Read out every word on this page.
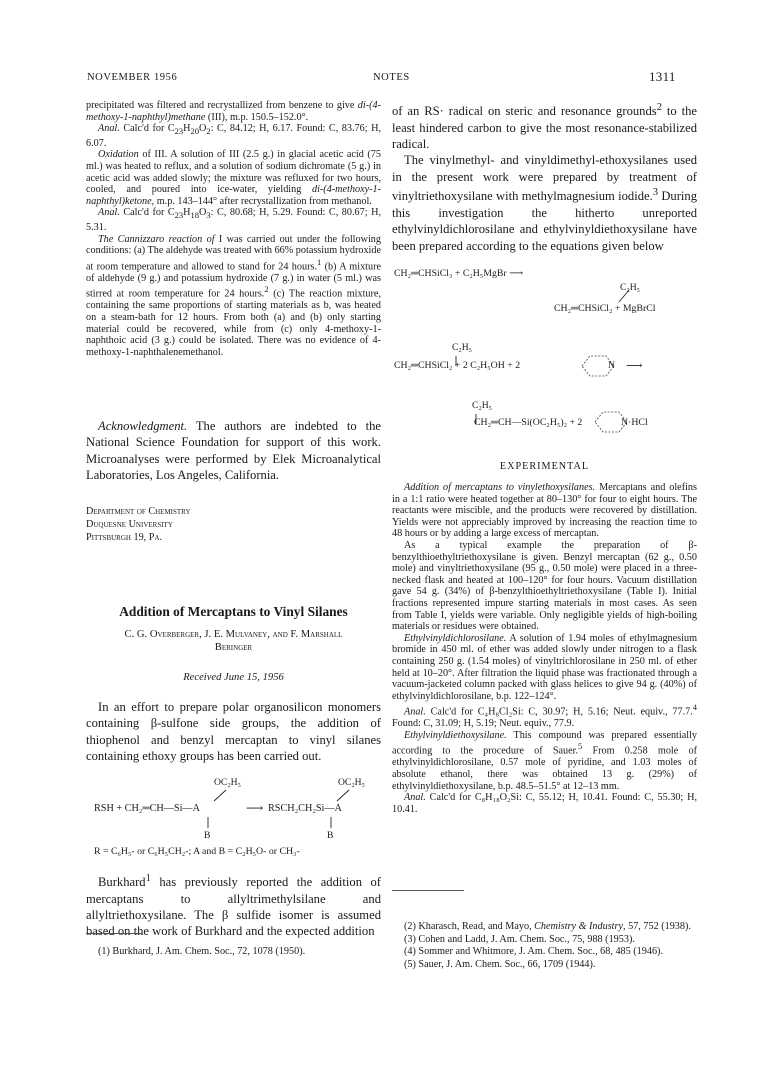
NOVEMBER 1956	NOTES	1311

precipitated was filtered and recrystallized from benzene to give di-(4-methoxy-1-naphthyl)methane (III), m.p. 150.5–152.0°.

Anal. Calc'd for $C_{23}H_{20}O_2$: C, 84.12; H, 6.17. Found: C, 83.76; H, 6.07.

Oxidation of III. A solution of III (2.5 g.) in glacial acetic acid (75 ml.) was heated to reflux, and a solution of sodium dichromate (5 g.) in acetic acid was added slowly; the mixture was refluxed for two hours, cooled, and poured into ice-water, yielding di-(4-methoxy-1-naphthyl)ketone, m.p. 143–144° after recrystallization from methanol.

Anal. Calc'd for $C_{23}H_{18}O_3$: C, 80.68; H, 5.29. Found: C, 80.67; H, 5.31.

The Cannizzaro reaction of I was carried out under the following conditions: (a) The aldehyde was treated with 66% potassium hydroxide at room temperature and allowed to stand for 24 hours.$^1$ (b) A mixture of aldehyde (9 g.) and potassium hydroxide (7 g.) in water (5 ml.) was stirred at room temperature for 24 hours.$^2$ (c) The reaction mixture, containing the same proportions of starting materials as b, was heated on a steam-bath for 12 hours. From both (a) and (b) only starting material could be recovered, while from (c) only 4-methoxy-1-naphthoic acid (3 g.) could be isolated. There was no evidence of 4-methoxy-1-naphthalenemethanol.

Acknowledgment. The authors are indebted to the National Science Foundation for support of this work. Microanalyses were performed by Elek Microanalytical Laboratories, Los Angeles, California.

Department of Chemistry
Duquesne University
Pittsburgh 19, Pa.
Addition of Mercaptans to Vinyl Silanes
C. G. Overberger, J. E. Mulvaney, and F. Marshall
Beringer
Received June 15, 1956

In an effort to prepare polar organosilicon monomers containing β-sulfone side groups, the addition of thiophenol and benzyl mercaptan to vinyl silanes containing ethoxy groups has been carried out.

OC₂H₅	OC₂H₅
RSH + CH₂═CH—Si—A	⟶ RSCH₂CH₂Si—A
B	B
R = C₆H₅- or C₆H₅CH₂-; A and B = C₂H₅O- or CH₃-

Burkhard$^1$ has previously reported the addition of mercaptans to allyltrimethylsilane and allyltriethoxysilane. The β sulfide isomer is assumed based on the work of Burkhard and the expected addition

(1) Burkhard, J. Am. Chem. Soc., 72, 1078 (1950).

of an RS· radical on steric and resonance grounds$^2$ to the least hindered carbon to give the most resonance-stabilized radical.

The vinylmethyl- and vinyldimethyl-ethoxysilanes used in the present work were prepared by treatment of vinyltriethoxysilane with methylmagnesium iodide.$^3$ During this investigation the hitherto unreported ethylvinyldichlorosilane and ethylvinyldiethoxysilane have been prepared according to the equations given below

CH₂═CHSiCl₃ + C₂H₅MgBr ⟶
C₂H₅
CH₂═CHSiCl₂ + MgBrCl
C₂H₅
CH₂═CHSiCl₂ + 2 C₂H₅OH + 2	N ⟶
C₂H₅
CH₂═CH—Si(OC₂H₅)₂ + 2	N·HCl
EXPERIMENTAL

Addition of mercaptans to vinylethoxysilanes. Mercaptans and olefins in a 1:1 ratio were heated together at 80–130° for four to eight hours. The reactants were miscible, and the products were recovered by distillation. Yields were not appreciably improved by increasing the reaction time to 48 hours or by adding a large excess of mercaptan.

As a typical example the preparation of β-benzylthioethyltriethoxysilane is given. Benzyl mercaptan (62 g., 0.50 mole) and vinyltriethoxysilane (95 g., 0.50 mole) were placed in a three-necked flask and heated at 100–120° for four hours. Vacuum distillation gave 54 g. (34%) of β-benzylthioethyltriethoxysilane (Table I). Initial fractions represented impure starting materials in most cases. As seen from Table I, yields were variable. Only negligible yields of high-boiling materials or residues were obtained.

Ethylvinyldichlorosilane. A solution of 1.94 moles of ethylmagnesium bromide in 450 ml. of ether was added slowly under nitrogen to a flask containing 250 g. (1.54 moles) of vinyltrichlorosilane in 250 ml. of ether held at 10–20°. After filtration the liquid phase was fractionated through a vacuum-jacketed column packed with glass helices to give 94 g. (40%) of ethylvinyldichlorosilane, b.p. 122–124°.

Anal. Calc'd for C₄H₈Cl₂Si: C, 30.97; H, 5.16; Neut. equiv., 77.7.$^4$ Found: C, 31.09; H, 5.19; Neut. equiv., 77.9.

Ethylvinyldiethoxysilane. This compound was prepared essentially according to the procedure of Sauer.$^5$ From 0.258 mole of ethylvinyldichlorosilane, 0.57 mole of pyridine, and 1.03 moles of absolute ethanol, there was obtained 13 g. (29%) of ethylvinyldiethoxysilane, b.p. 48.5–51.5° at 12–13 mm.

Anal. Calc'd for C₈H₁₈O₂Si: C, 55.12; H, 10.41. Found: C, 55.30; H, 10.41.

(2) Kharasch, Read, and Mayo, Chemistry & Industry, 57, 752 (1938).
(3) Cohen and Ladd, J. Am. Chem. Soc., 75, 988 (1953).
(4) Sommer and Whitmore, J. Am. Chem. Soc., 68, 485 (1946).
(5) Sauer, J. Am. Chem. Soc., 66, 1709 (1944).
